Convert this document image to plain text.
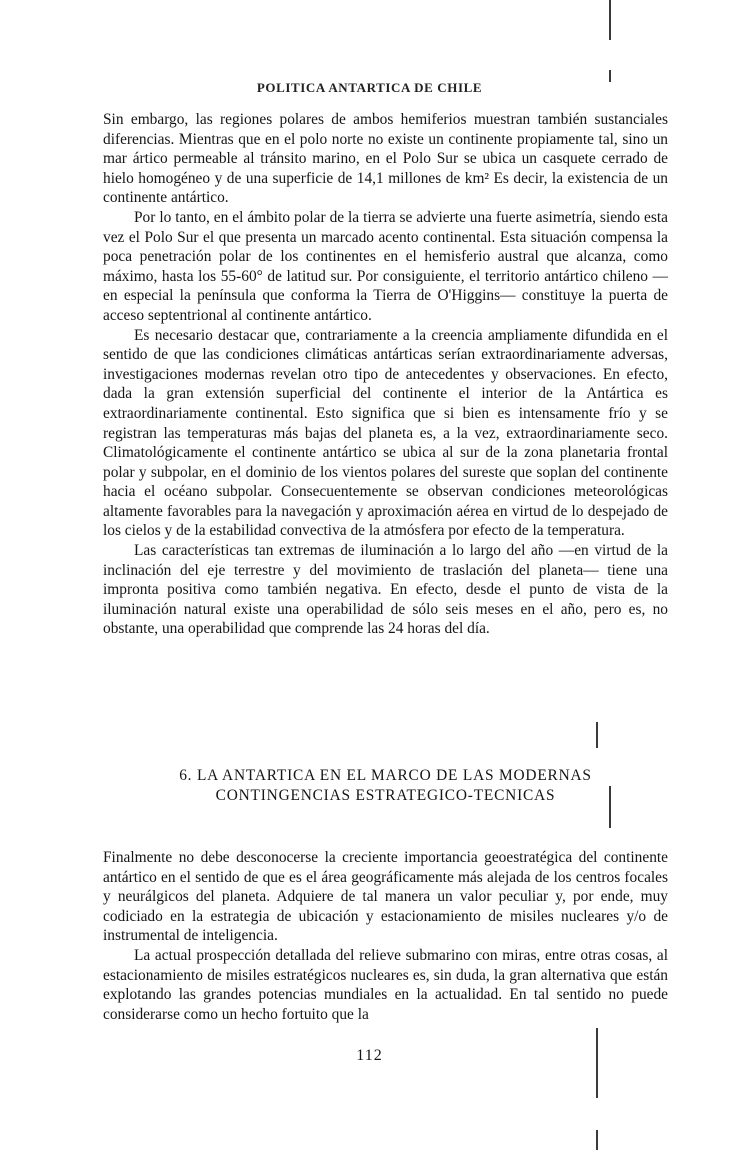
POLITICA ANTARTICA DE CHILE

Sin embargo, las regiones polares de ambos hemiferios muestran también sustanciales diferencias. Mientras que en el polo norte no existe un continente propiamente tal, sino un mar ártico permeable al tránsito marino, en el Polo Sur se ubica un casquete cerrado de hielo homogéneo y de una superficie de 14,1 millones de km² Es decir, la existencia de un continente antártico.

Por lo tanto, en el ámbito polar de la tierra se advierte una fuerte asimetría, siendo esta vez el Polo Sur el que presenta un marcado acento continental. Esta situación compensa la poca penetración polar de los continentes en el hemisferio austral que alcanza, como máximo, hasta los 55-60° de latitud sur. Por consiguiente, el territorio antártico chileno —en especial la península que conforma la Tierra de O'Higgins— constituye la puerta de acceso septentrional al continente antártico.

Es necesario destacar que, contrariamente a la creencia ampliamente difundida en el sentido de que las condiciones climáticas antárticas serían extraordinariamente adversas, investigaciones modernas revelan otro tipo de antecedentes y observaciones. En efecto, dada la gran extensión superficial del continente el interior de la Antártica es extraordinariamente continental. Esto significa que si bien es intensamente frío y se registran las temperaturas más bajas del planeta es, a la vez, extraordinariamente seco. Climatológicamente el continente antártico se ubica al sur de la zona planetaria frontal polar y subpolar, en el dominio de los vientos polares del sureste que soplan del continente hacia el océano subpolar. Consecuentemente se observan condiciones meteorológicas altamente favorables para la navegación y aproximación aérea en virtud de lo despejado de los cielos y de la estabilidad convectiva de la atmósfera por efecto de la temperatura.

Las características tan extremas de iluminación a lo largo del año —en virtud de la inclinación del eje terrestre y del movimiento de traslación del planeta— tiene una impronta positiva como también negativa. En efecto, desde el punto de vista de la iluminación natural existe una operabilidad de sólo seis meses en el año, pero es, no obstante, una operabilidad que comprende las 24 horas del día.

6. LA ANTARTICA EN EL MARCO DE LAS MODERNAS
CONTINGENCIAS ESTRATEGICO-TECNICAS

Finalmente no debe desconocerse la creciente importancia geoestratégica del continente antártico en el sentido de que es el área geográficamente más alejada de los centros focales y neurálgicos del planeta. Adquiere de tal manera un valor peculiar y, por ende, muy codiciado en la estrategia de ubicación y estacionamiento de misiles nucleares y/o de instrumental de inteligencia.

La actual prospección detallada del relieve submarino con miras, entre otras cosas, al estacionamiento de misiles estratégicos nucleares es, sin duda, la gran alternativa que están explotando las grandes potencias mundiales en la actualidad. En tal sentido no puede considerarse como un hecho fortuito que la

112
